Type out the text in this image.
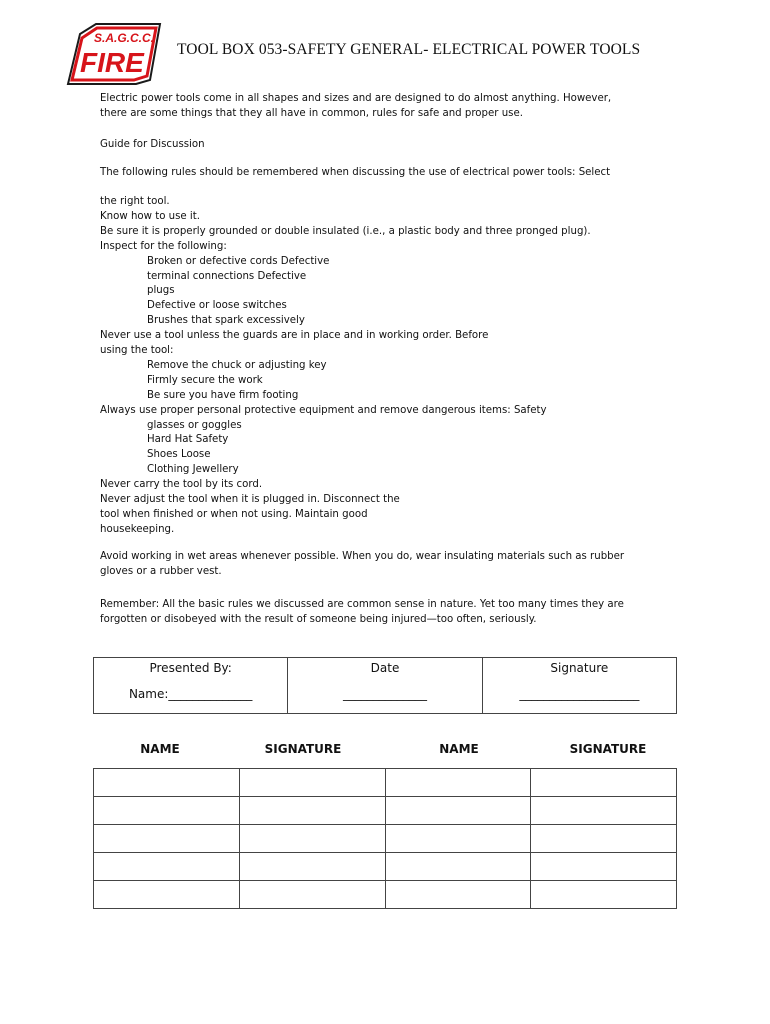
S.A.G.C.C.
FIRE TOOL BOX 053-SAFETY GENERAL- ELECTRICAL POWER TOOLS
Electric power tools come in all shapes and sizes and are designed to do almost anything. However,
there are some things that they all have in common, rules for safe and proper use.
Guide for Discussion
The following rules should be remembered when discussing the use of electrical power tools: Select
the right tool.
Know how to use it.
Be sure it is properly grounded or double insulated (i.e., a plastic body and three pronged plug).
Inspect for the following:
Broken or defective cords Defective
terminal connections Defective
plugs
Defective or loose switches
Brushes that spark excessively
Never use a tool unless the guards are in place and in working order. Before
using the tool:
Remove the chuck or adjusting key
Firmly secure the work
Be sure you have firm footing
Always use proper personal protective equipment and remove dangerous items: Safety
glasses or goggles
Hard Hat Safety
Shoes Loose
Clothing Jewellery
Never carry the tool by its cord.
Never adjust the tool when it is plugged in. Disconnect the
tool when finished or when not using. Maintain good
housekeeping.
Avoid working in wet areas whenever possible. When you do, wear insulating materials such as rubber
gloves or a rubber vest.
Remember: All the basic rules we discussed are common sense in nature. Yet too many times they are
forgotten or disobeyed with the result of someone being injured—too often, seriously.
Presented By:
Name:______________

Date
______________

Signature
____________________
NAME	SIGNATURE	NAME	SIGNATURE
